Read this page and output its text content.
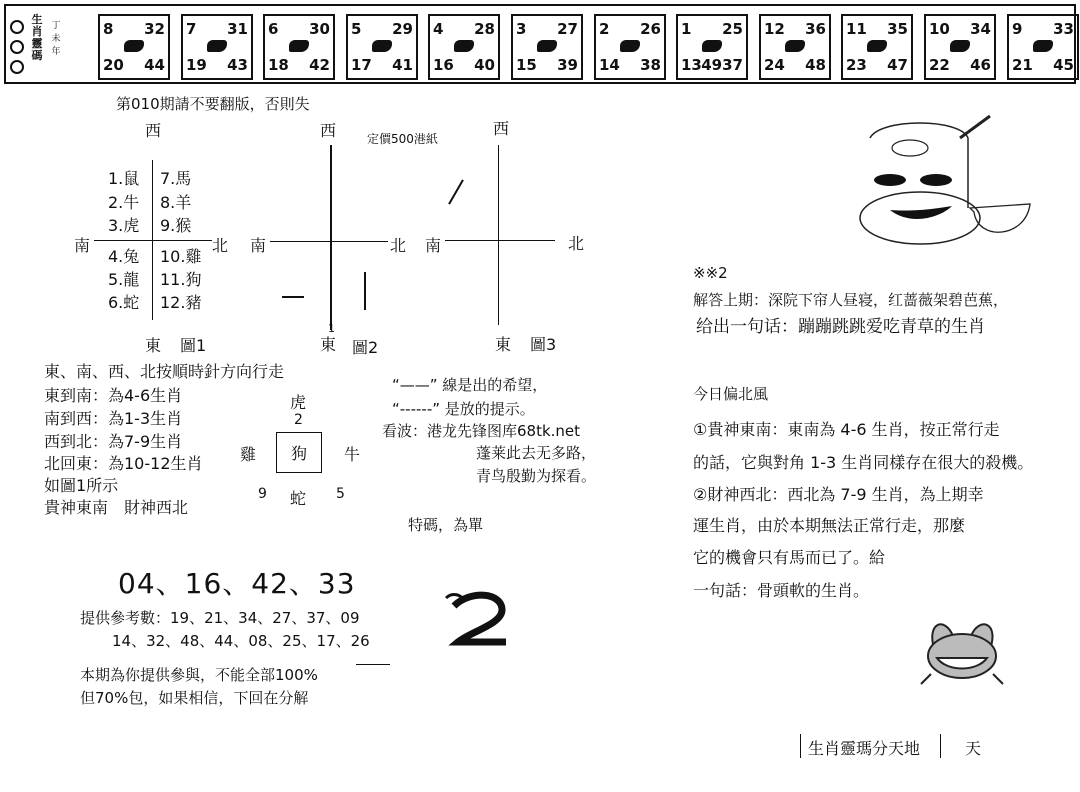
生肖靈碼
丁未年
8 32
20 44
7 31
19 43
6 30
18 42
5 29
17 41
4 28
16 40
3 27
15 39
2 26
14 38
1 25
13 4937
12 36
24 48
11 35
23 47
10 34
22 46
9 33
21 45
第010期請不要翻版，否則失
定價500港紙
西	西	西
南	北 南	北 南	北
1
東 圖1	東 圖2	東 圖3
1.鼠
2.牛
3.虎
4.兔
5.龍
6.蛇
7.馬
8.羊
9.猴
10.雞
11.狗
12.豬
東、南、西、北按順時針方向行走
東到南：為4-6生肖
南到西：為1-3生肖
西到北：為7-9生肖
北回東：為10-12生肖
如圖1所示
貴神東南　財神西北
虎
2
雞	狗	牛
蛇
9	5
“——” 線是出的希望，
“------” 是放的提示。
看波：港龙先锋图库68tk.net
蓬莱此去无多路，
青鸟殷勤为探看。
特碼，為單
04、16、42、33
提供參考數：19、21、34、27、37、09
14、32、48、44、08、25、17、26
本期為你提供參與，不能全部100%
但70%包，如果相信，下回在分解
※※2
解答上期：深院下帘人昼寝，红蔷薇架碧芭蕉，
给出一句话：蹦蹦跳跳爱吃青草的生肖
今日偏北風
①貴神東南：東南為 4-6 生肖，按正常行走
的話，它與對角 1-3 生肖同樣存在很大的殺機。
②財神西北：西北為 7-9 生肖，為上期幸
運生肖，由於本期無法正常行走，那麼
它的機會只有馬而已了。給
一句話：骨頭軟的生肖。
生肖靈瑪分天地	天
